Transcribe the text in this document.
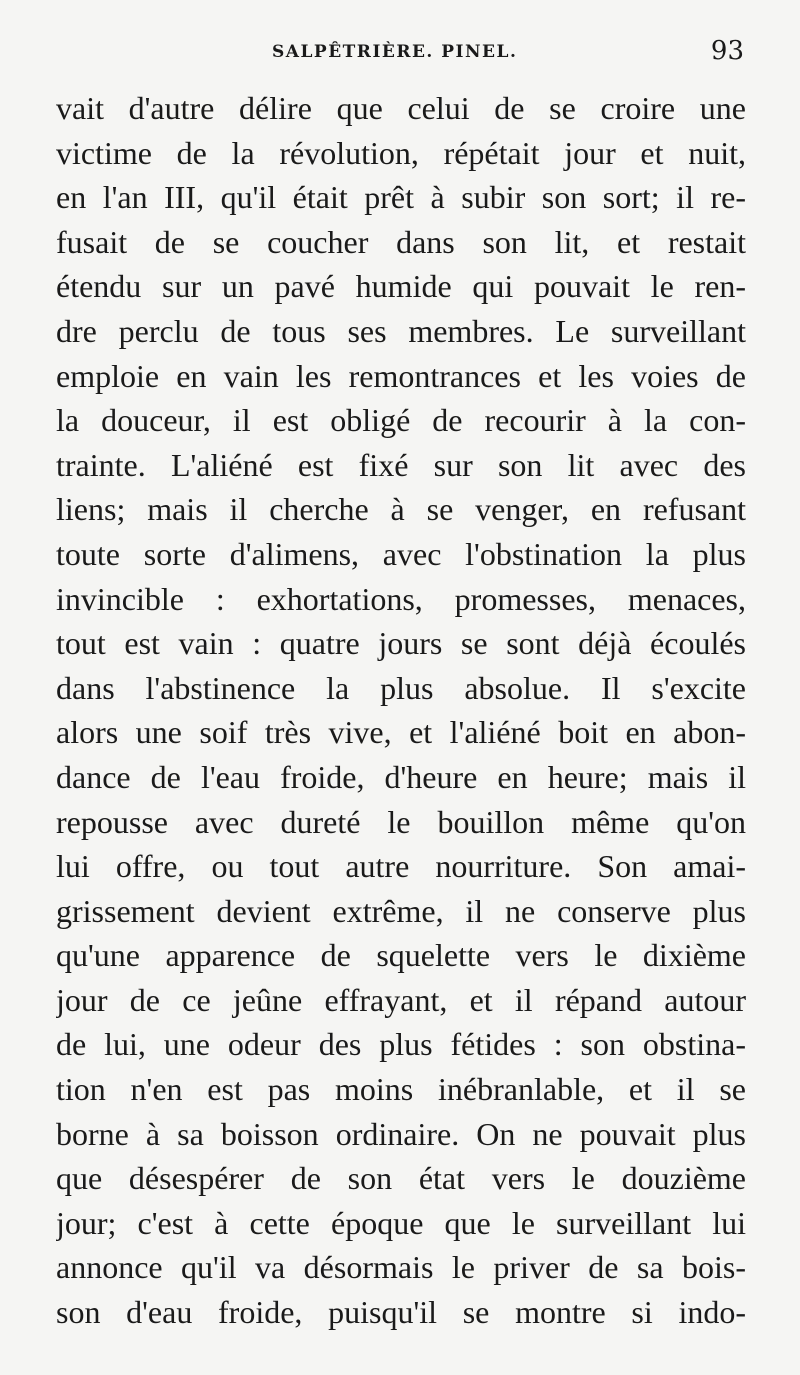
SALPÊTRIÈRE. PINEL.	93
vait d'autre délire que celui de se croire une
victime de la révolution, répétait jour et nuit,
en l'an III, qu'il était prêt à subir son sort; il re-
fusait de se coucher dans son lit, et restait
étendu sur un pavé humide qui pouvait le ren-
dre perclu de tous ses membres. Le surveillant
emploie en vain les remontrances et les voies de
la douceur, il est obligé de recourir à la con-
trainte. L'aliéné est fixé sur son lit avec des
liens; mais il cherche à se venger, en refusant
toute sorte d'alimens, avec l'obstination la plus
invincible : exhortations, promesses, menaces,
tout est vain : quatre jours se sont déjà écoulés
dans l'abstinence la plus absolue. Il s'excite
alors une soif très vive, et l'aliéné boit en abon-
dance de l'eau froide, d'heure en heure; mais il
repousse avec dureté le bouillon même qu'on
lui offre, ou tout autre nourriture. Son amai-
grissement devient extrême, il ne conserve plus
qu'une apparence de squelette vers le dixième
jour de ce jeûne effrayant, et il répand autour
de lui, une odeur des plus fétides : son obstina-
tion n'en est pas moins inébranlable, et il se
borne à sa boisson ordinaire. On ne pouvait plus
que désespérer de son état vers le douzième
jour; c'est à cette époque que le surveillant lui
annonce qu'il va désormais le priver de sa bois-
son d'eau froide, puisqu'il se montre si indo-
